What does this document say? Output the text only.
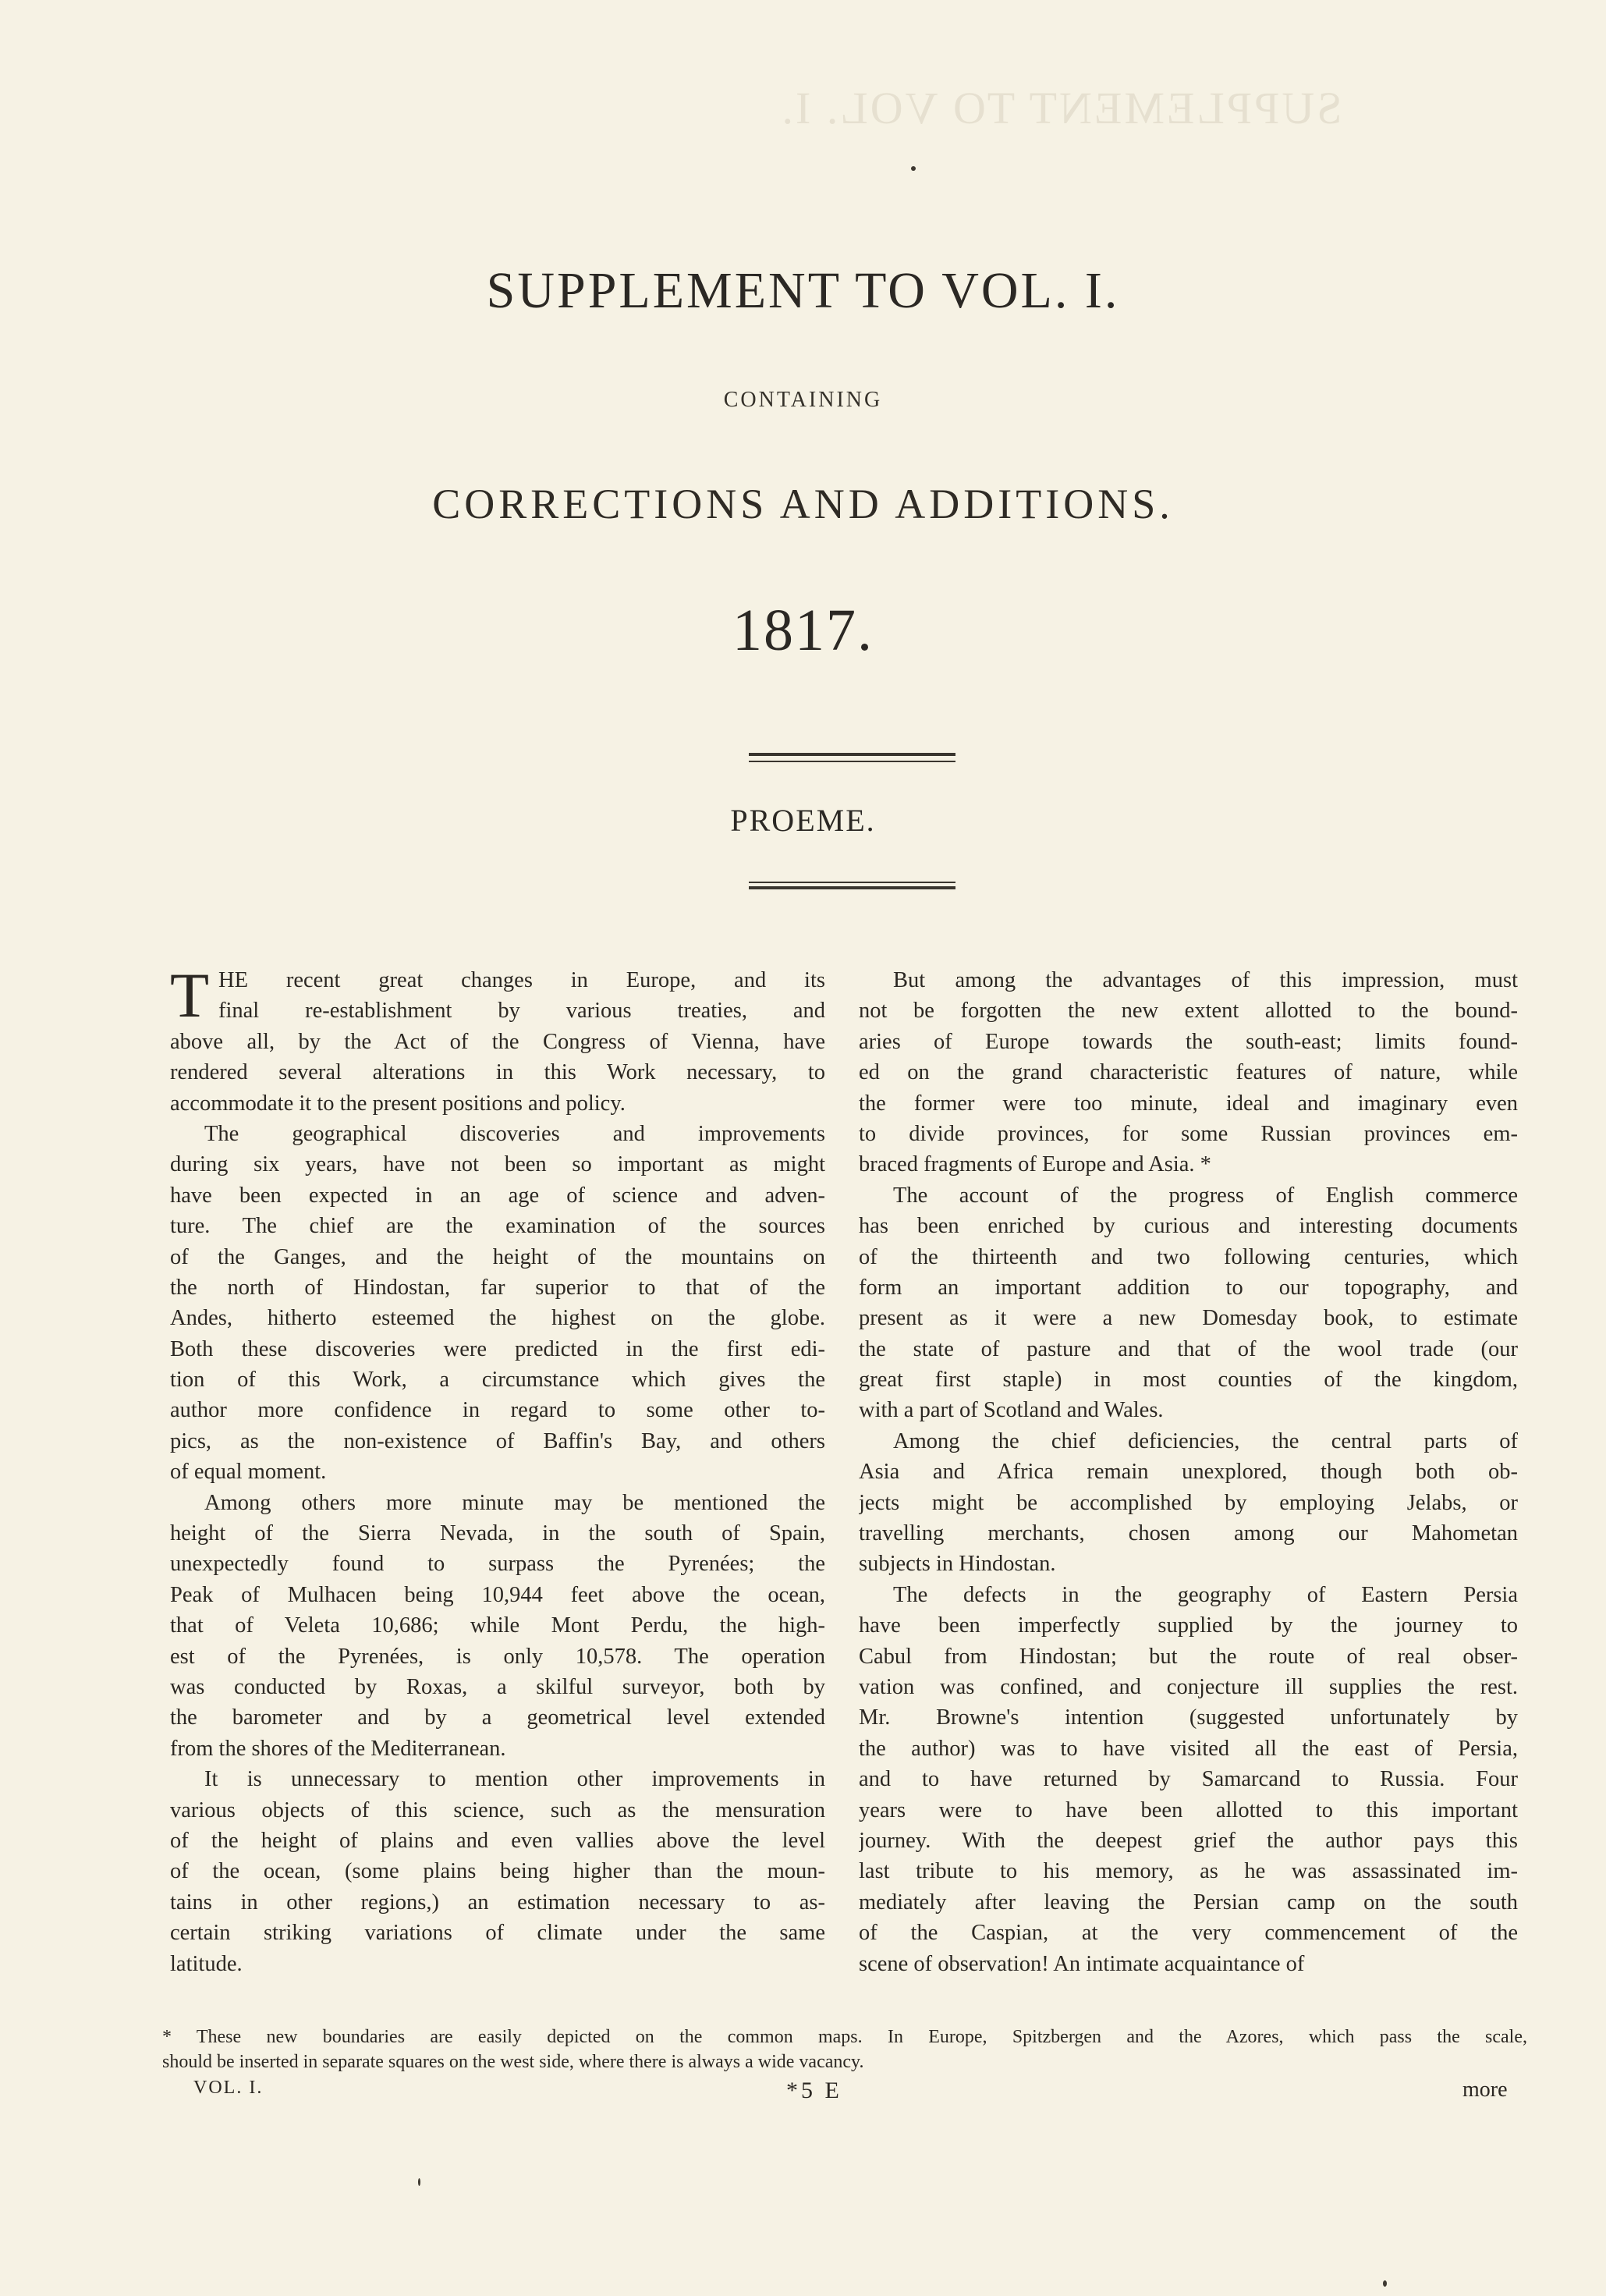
SUPPLEMENT TO VOL. I.
SUPPLEMENT TO VOL. I.
CONTAINING
CORRECTIONS AND ADDITIONS.
1817.
PROEME.
T HE recent great changes in Europe, and its
final re-establishment by various treaties, and
above all, by the Act of the Congress of Vienna, have
rendered several alterations in this Work necessary, to
accommodate it to the present positions and policy.
The geographical discoveries and improvements
during six years, have not been so important as might
have been expected in an age of science and adven-
ture. The chief are the examination of the sources
of the Ganges, and the height of the mountains on
the north of Hindostan, far superior to that of the
Andes, hitherto esteemed the highest on the globe.
Both these discoveries were predicted in the first edi-
tion of this Work, a circumstance which gives the
author more confidence in regard to some other to-
pics, as the non-existence of Baffin's Bay, and others
of equal moment.
Among others more minute may be mentioned the
height of the Sierra Nevada, in the south of Spain,
unexpectedly found to surpass the Pyrenées; the
Peak of Mulhacen being 10,944 feet above the ocean,
that of Veleta 10,686; while Mont Perdu, the high-
est of the Pyrenées, is only 10,578. The operation
was conducted by Roxas, a skilful surveyor, both by
the barometer and by a geometrical level extended
from the shores of the Mediterranean.
It is unnecessary to mention other improvements in
various objects of this science, such as the mensuration
of the height of plains and even vallies above the level
of the ocean, (some plains being higher than the moun-
tains in other regions,) an estimation necessary to as-
certain striking variations of climate under the same
latitude.
But among the advantages of this impression, must
not be forgotten the new extent allotted to the bound-
aries of Europe towards the south-east; limits found-
ed on the grand characteristic features of nature, while
the former were too minute, ideal and imaginary even
to divide provinces, for some Russian provinces em-
braced fragments of Europe and Asia. *
The account of the progress of English commerce
has been enriched by curious and interesting documents
of the thirteenth and two following centuries, which
form an important addition to our topography, and
present as it were a new Domesday book, to estimate
the state of pasture and that of the wool trade (our
great first staple) in most counties of the kingdom,
with a part of Scotland and Wales.
Among the chief deficiencies, the central parts of
Asia and Africa remain unexplored, though both ob-
jects might be accomplished by employing Jelabs, or
travelling merchants, chosen among our Mahometan
subjects in Hindostan.
The defects in the geography of Eastern Persia
have been imperfectly supplied by the journey to
Cabul from Hindostan; but the route of real obser-
vation was confined, and conjecture ill supplies the rest.
Mr. Browne's intention (suggested unfortunately by
the author) was to have visited all the east of Persia,
and to have returned by Samarcand to Russia. Four
years were to have been allotted to this important
journey. With the deepest grief the author pays this
last tribute to his memory, as he was assassinated im-
mediately after leaving the Persian camp on the south
of the Caspian, at the very commencement of the
scene of observation! An intimate acquaintance of
* These new boundaries are easily depicted on the common maps. In Europe, Spitzbergen and the Azores, which pass the scale,
should be inserted in separate squares on the west side, where there is always a wide vacancy.
VOL. I.	*5 E	more
